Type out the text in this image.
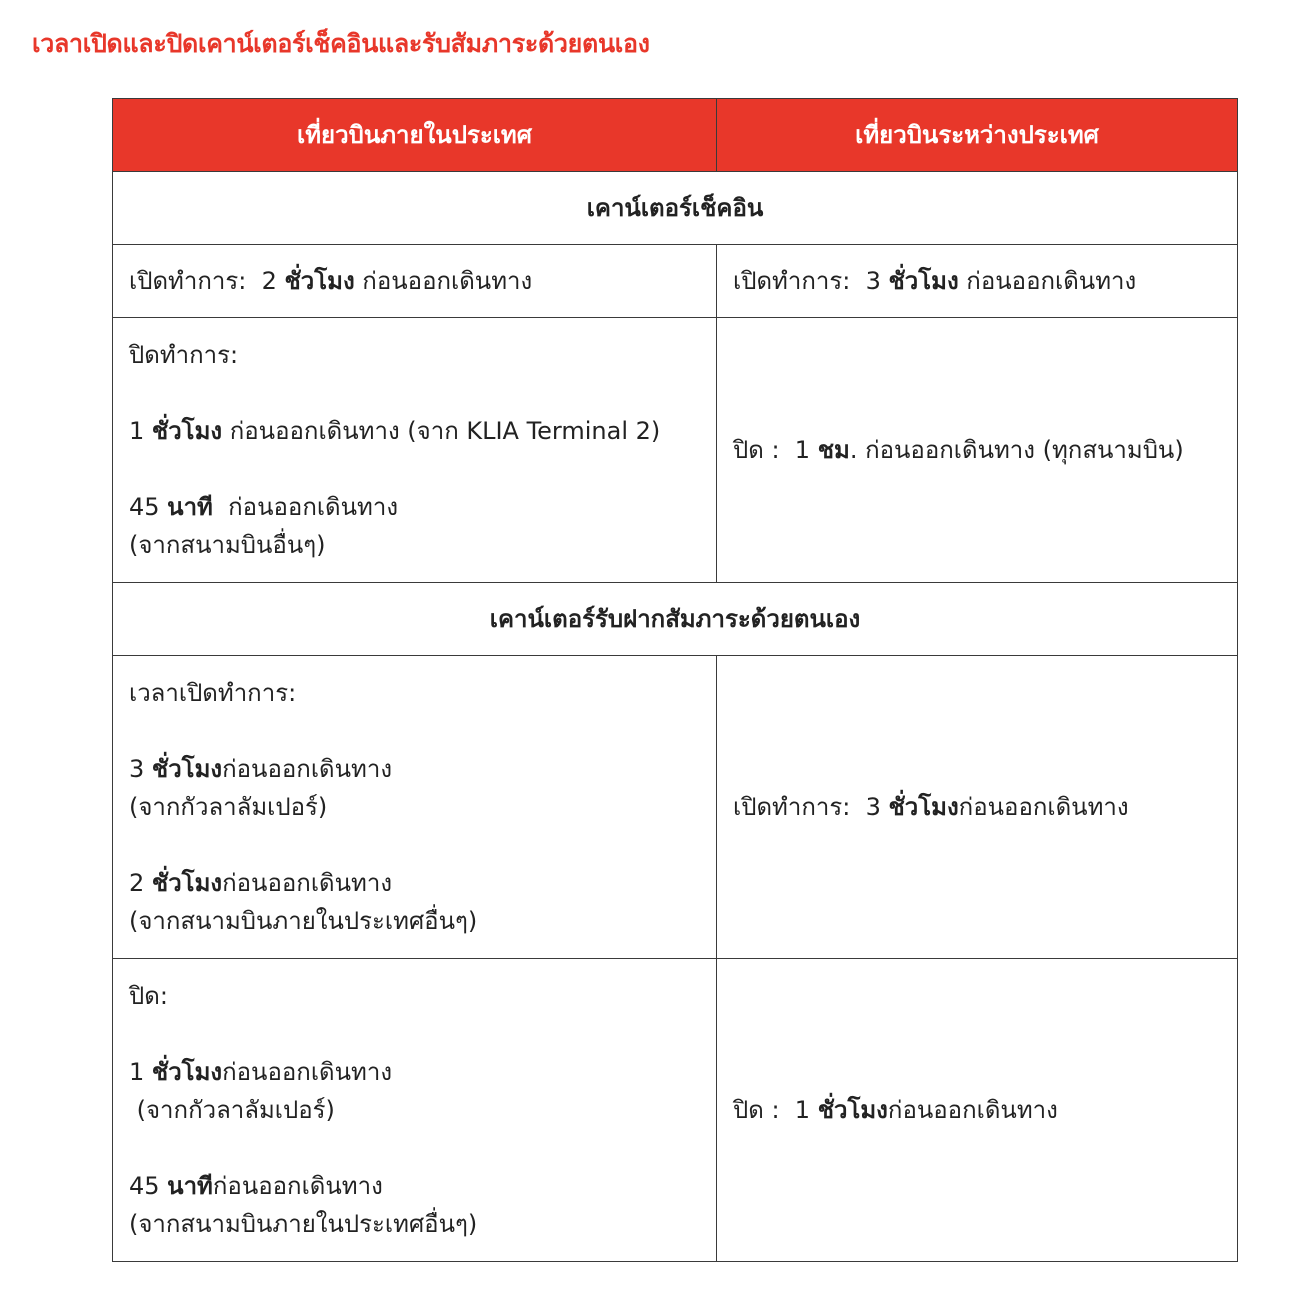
เวลาเปิดและปิดเคาน์เตอร์เช็คอินและรับสัมภาระด้วยตนเอง
เที่ยวบินภายในประเทศ	เที่ยวบินระหว่างประเทศ
เคาน์เตอร์เช็คอิน	
เปิดทำการ:  2 ชั่วโมง ก่อนออกเดินทาง	เปิดทำการ:  3 ชั่วโมง ก่อนออกเดินทาง

ปิดทำการ:
1 ชั่วโมง ก่อนออกเดินทาง (จาก KLIA Terminal 2)
45 นาที  ก่อนออกเดินทาง
(จากสนามบินอื่นๆ)	ปิด :  1 ชม. ก่อนออกเดินทาง (ทุกสนามบิน)
เคาน์เตอร์รับฝากสัมภาระด้วยตนเอง	

เวลาเปิดทำการ:
3 ชั่วโมงก่อนออกเดินทาง
(จากกัวลาลัมเปอร์)
2 ชั่วโมงก่อนออกเดินทาง
(จากสนามบินภายในประเทศอื่นๆ)	เปิดทำการ:  3 ชั่วโมงก่อนออกเดินทาง

ปิด:
1 ชั่วโมงก่อนออกเดินทาง
(จากกัวลาลัมเปอร์)
45 นาทีก่อนออกเดินทาง
(จากสนามบินภายในประเทศอื่นๆ)	ปิด :  1 ชั่วโมงก่อนออกเดินทาง
